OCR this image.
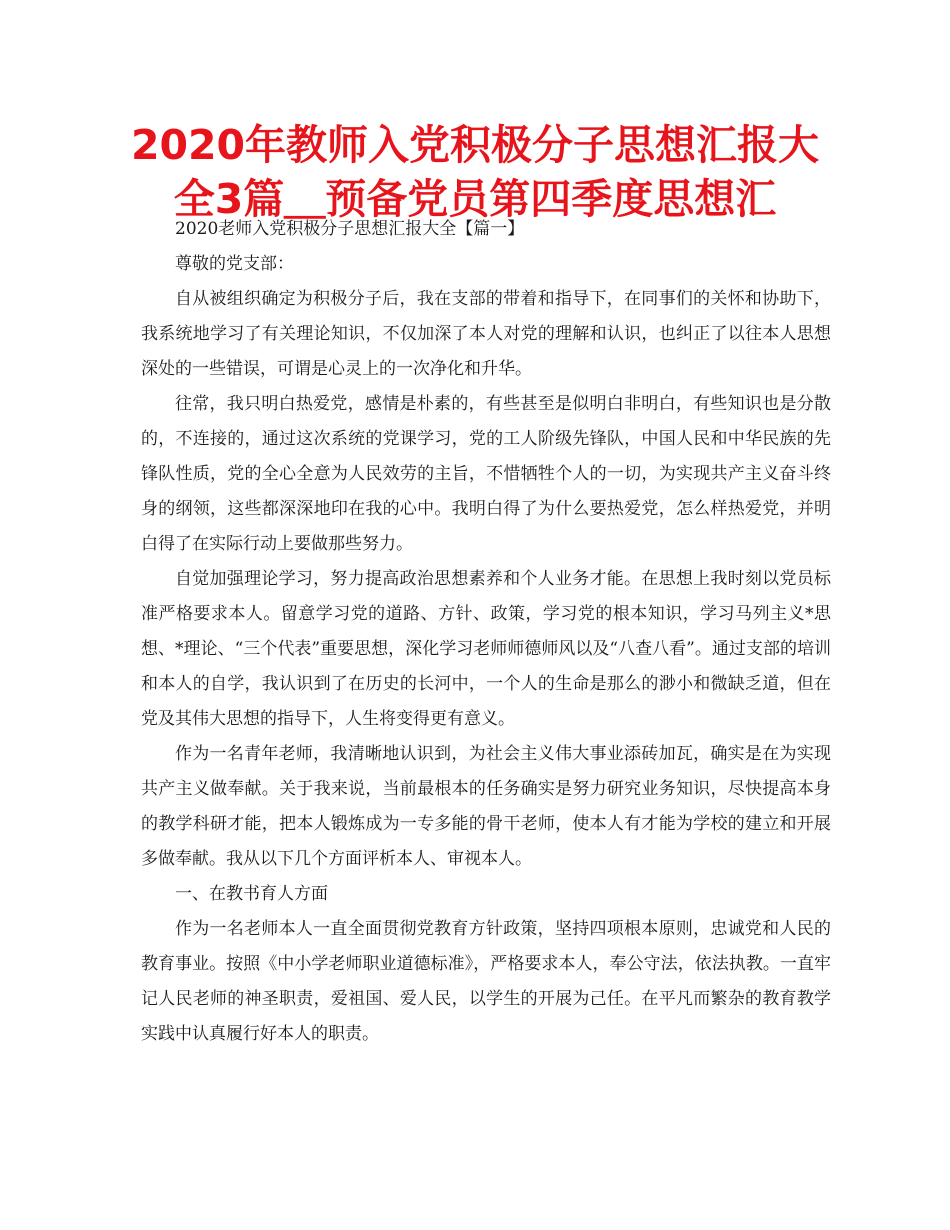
2020年教师入党积极分子思想汇报大全3篇＿预备党员第四季度思想汇

2020老师入党积极分子思想汇报大全【篇一】

尊敬的党支部：

自从被组织确定为积极分子后，我在支部的带着和指导下，在同事们的关怀和协助下，我系统地学习了有关理论知识，不仅加深了本人对党的理解和认识，也纠正了以往本人思想深处的一些错误，可谓是心灵上的一次净化和升华。

往常，我只明白热爱党，感情是朴素的，有些甚至是似明白非明白，有些知识也是分散的，不连接的，通过这次系统的党课学习，党的工人阶级先锋队，中国人民和中华民族的先锋队性质，党的全心全意为人民效劳的主旨，不惜牺牲个人的一切，为实现共产主义奋斗终身的纲领，这些都深深地印在我的心中。我明白得了为什么要热爱党，怎么样热爱党，并明白得了在实际行动上要做那些努力。

自觉加强理论学习，努力提高政治思想素养和个人业务才能。在思想上我时刻以党员标准严格要求本人。留意学习党的道路、方针、政策，学习党的根本知识，学习马列主义*思想、*理论、“三个代表”重要思想，深化学习老师师德师风以及“八查八看”。通过支部的培训和本人的自学，我认识到了在历史的长河中，一个人的生命是那么的渺小和微缺乏道，但在党及其伟大思想的指导下，人生将变得更有意义。

作为一名青年老师，我清晰地认识到，为社会主义伟大事业添砖加瓦，确实是在为实现共产主义做奉献。关于我来说，当前最根本的任务确实是努力研究业务知识，尽快提高本身的教学科研才能，把本人锻炼成为一专多能的骨干老师，使本人有才能为学校的建立和开展多做奉献。我从以下几个方面评析本人、审视本人。

一、在教书育人方面

作为一名老师本人一直全面贯彻党教育方针政策，坚持四项根本原则，忠诚党和人民的教育事业。按照《中小学老师职业道德标准》，严格要求本人，奉公守法，依法执教。一直牢记人民老师的神圣职责，爱祖国、爱人民，以学生的开展为己任。在平凡而繁杂的教育教学实践中认真履行好本人的职责。
